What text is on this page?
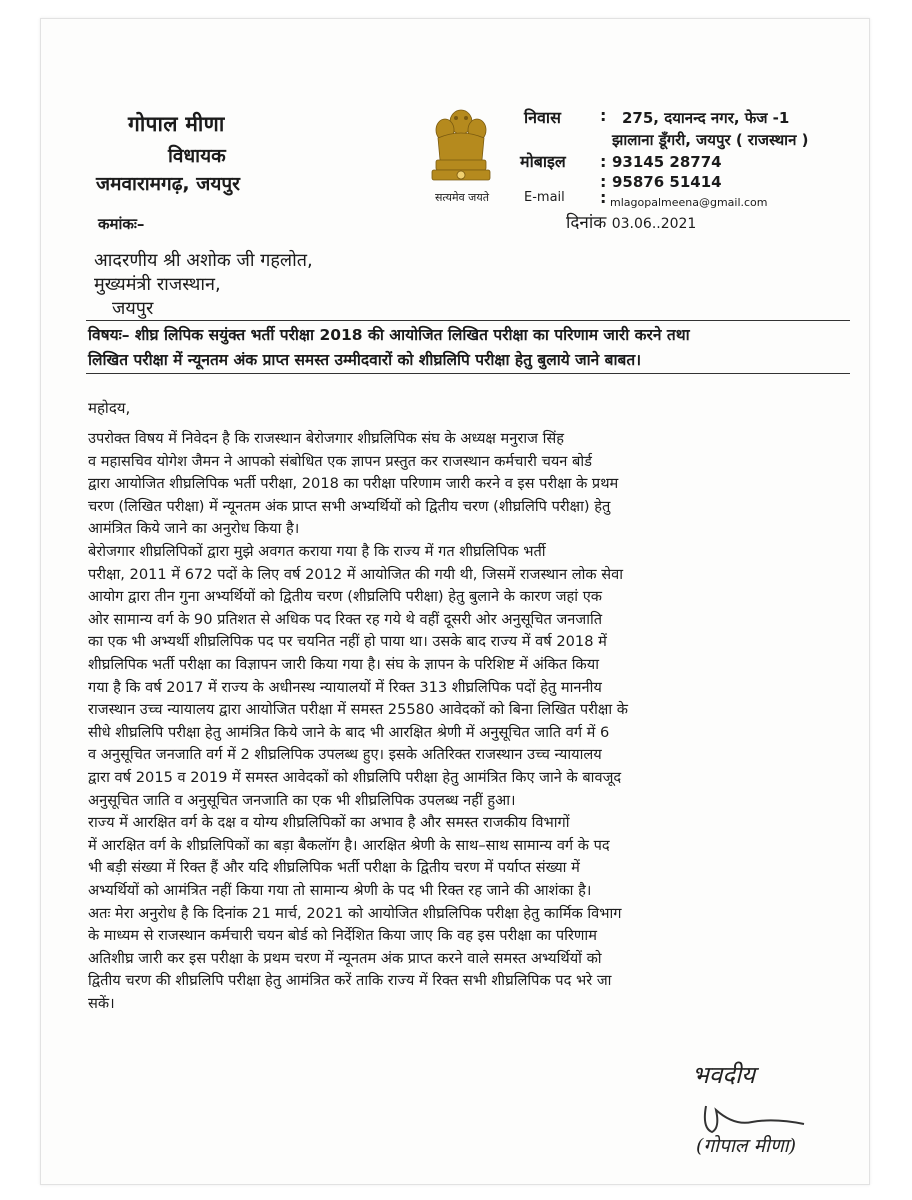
गोपाल मीणा
विधायक
जमवारामगढ़, जयपुर
सत्यमेव जयते
निवास : 275, दयानन्द नगर, फेज -1
झालाना डूँगरी, जयपुर ( राजस्थान )
मोबाइल : 93145 28774
: 95876 51414
E-mail : mlagopalmeena@gmail.com
कमांकः–	दिनांक 03.06..2021
आदरणीय श्री अशोक जी गहलोत,
मुख्यमंत्री राजस्थान,
जयपुर
विषयः– शीघ्र लिपिक सयुंक्त भर्ती परीक्षा 2018 की आयोजित लिखित परीक्षा का परिणाम जारी करने तथा
लिखित परीक्षा में न्यूनतम अंक प्राप्त समस्त उम्मीदवारों को शीघ्रलिपि परीक्षा हेतु बुलाये जाने बाबत।
महोदय,
उपरोक्त विषय में निवेदन है कि राजस्थान बेरोजगार शीघ्रलिपिक संघ के अध्यक्ष मनुराज सिंह
व महासचिव योगेश जैमन ने आपको संबोधित एक ज्ञापन प्रस्तुत कर राजस्थान कर्मचारी चयन बोर्ड
द्वारा आयोजित शीघ्रलिपिक भर्ती परीक्षा, 2018 का परीक्षा परिणाम जारी करने व इस परीक्षा के प्रथम
चरण (लिखित परीक्षा) में न्यूनतम अंक प्राप्त सभी अभ्यर्थियों को द्वितीय चरण (शीघ्रलिपि परीक्षा) हेतु
आमंत्रित किये जाने का अनुरोध किया है।
बेरोजगार शीघ्रलिपिकों द्वारा मुझे अवगत कराया गया है कि राज्य में गत शीघ्रलिपिक भर्ती
परीक्षा, 2011 में 672 पदों के लिए वर्ष 2012 में आयोजित की गयी थी, जिसमें राजस्थान लोक सेवा
आयोग द्वारा तीन गुना अभ्यर्थियों को द्वितीय चरण (शीघ्रलिपि परीक्षा) हेतु बुलाने के कारण जहां एक
ओर सामान्य वर्ग के 90 प्रतिशत से अधिक पद रिक्त रह गये थे वहीं दूसरी ओर अनुसूचित जनजाति
का एक भी अभ्यर्थी शीघ्रलिपिक पद पर चयनित नहीं हो पाया था। उसके बाद राज्य में वर्ष 2018 में
शीघ्रलिपिक भर्ती परीक्षा का विज्ञापन जारी किया गया है। संघ के ज्ञापन के परिशिष्ट में अंकित किया
गया है कि वर्ष 2017 में राज्य के अधीनस्थ न्यायालयों में रिक्त 313 शीघ्रलिपिक पदों हेतु माननीय
राजस्थान उच्च न्यायालय द्वारा आयोजित परीक्षा में समस्त 25580 आवेदकों को बिना लिखित परीक्षा के
सीधे शीघ्रलिपि परीक्षा हेतु आमंत्रित किये जाने के बाद भी आरक्षित श्रेणी में अनुसूचित जाति वर्ग में 6
व अनुसूचित जनजाति वर्ग में 2 शीघ्रलिपिक उपलब्ध हुए। इसके अतिरिक्त राजस्थान उच्च न्यायालय
द्वारा वर्ष 2015 व 2019 में समस्त आवेदकों को शीघ्रलिपि परीक्षा हेतु आमंत्रित किए जाने के बावजूद
अनुसूचित जाति व अनुसूचित जनजाति का एक भी शीघ्रलिपिक उपलब्ध नहीं हुआ।
राज्य में आरक्षित वर्ग के दक्ष व योग्य शीघ्रलिपिकों का अभाव है और समस्त राजकीय विभागों
में आरक्षित वर्ग के शीघ्रलिपिकों का बड़ा बैकलॉग है। आरक्षित श्रेणी के साथ–साथ सामान्य वर्ग के पद
भी बड़ी संख्या में रिक्त हैं और यदि शीघ्रलिपिक भर्ती परीक्षा के द्वितीय चरण में पर्याप्त संख्या में
अभ्यर्थियों को आमंत्रित नहीं किया गया तो सामान्य श्रेणी के पद भी रिक्त रह जाने की आशंका है।
अतः मेरा अनुरोध है कि दिनांक 21 मार्च, 2021 को आयोजित शीघ्रलिपिक परीक्षा हेतु कार्मिक विभाग
के माध्यम से राजस्थान कर्मचारी चयन बोर्ड को निर्देशित किया जाए कि वह इस परीक्षा का परिणाम
अतिशीघ्र जारी कर इस परीक्षा के प्रथम चरण में न्यूनतम अंक प्राप्त करने वाले समस्त अभ्यर्थियों को
द्वितीय चरण की शीघ्रलिपि परीक्षा हेतु आमंत्रित करें ताकि राज्य में रिक्त सभी शीघ्रलिपिक पद भरे जा
सकें।
भवदीय
(गोपाल मीणा)
